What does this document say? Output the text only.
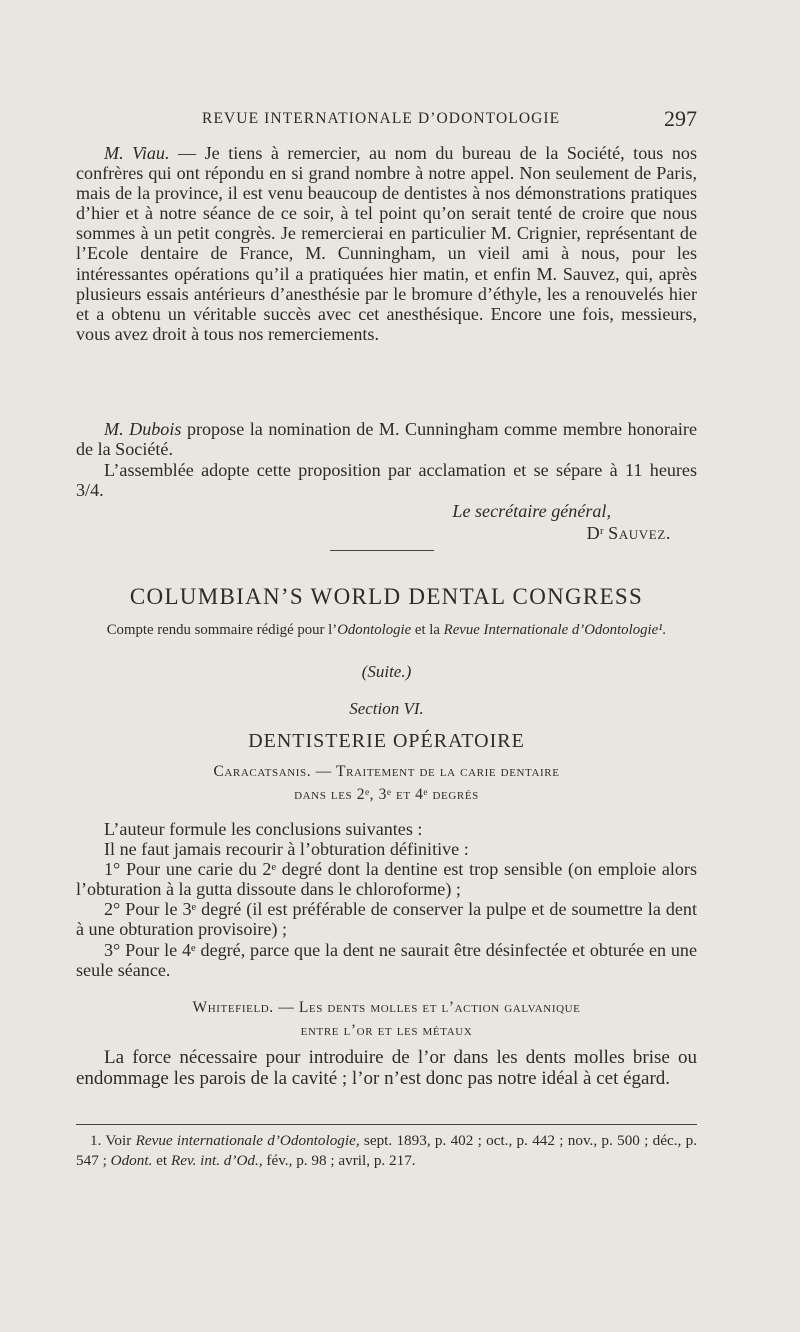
REVUE INTERNATIONALE D’ODONTOLOGIE	297

M. Viau. — Je tiens à remercier, au nom du bureau de la Société, tous nos confrères qui ont répondu en si grand nombre à notre appel. Non seulement de Paris, mais de la province, il est venu beaucoup de dentistes à nos démonstrations pratiques d’hier et à notre séance de ce soir, à tel point qu’on serait tenté de croire que nous sommes à un petit congrès. Je remercierai en particulier M. Crignier, représentant de l’Ecole dentaire de France, M. Cunningham, un vieil ami à nous, pour les intéressantes opérations qu’il a pratiquées hier matin, et enfin M. Sauvez, qui, après plusieurs essais antérieurs d’anesthésie par le bromure d’éthyle, les a renouvelés hier et a obtenu un véritable succès avec cet anesthésique. Encore une fois, messieurs, vous avez droit à tous nos remerciements.

M. Dubois propose la nomination de M. Cunningham comme membre honoraire de la Société.

L’assemblée adopte cette proposition par acclamation et se sépare à 11 heures 3/4.

Le secrétaire général,
Dʳ Sauvez.
COLUMBIAN’S WORLD DENTAL CONGRESS
Compte rendu sommaire rédigé pour l’Odontologie et la Revue Internationale d’Odontologie¹.
(Suite.)
Section VI.
DENTISTERIE OPÉRATOIRE
Caracatsanis. — Traitement de la carie dentaire
dans les 2ᵉ, 3ᵉ et 4ᵉ degrés

L’auteur formule les conclusions suivantes :

Il ne faut jamais recourir à l’obturation définitive :

1° Pour une carie du 2ᵉ degré dont la dentine est trop sensible (on emploie alors l’obturation à la gutta dissoute dans le chloroforme) ;

2° Pour le 3ᵉ degré (il est préférable de conserver la pulpe et de soumettre la dent à une obturation provisoire) ;

3° Pour le 4ᵉ degré, parce que la dent ne saurait être désinfectée et obturée en une seule séance.

Whitefield. — Les dents molles et l’action galvanique
entre l’or et les métaux

La force nécessaire pour introduire de l’or dans les dents molles brise ou endommage les parois de la cavité ; l’or n’est donc pas notre idéal à cet égard.

1. Voir Revue internationale d’Odontologie, sept. 1893, p. 402 ; oct., p. 442 ; nov., p. 500 ; déc., p. 547 ; Odont. et Rev. int. d’Od., fév., p. 98 ; avril, p. 217.
